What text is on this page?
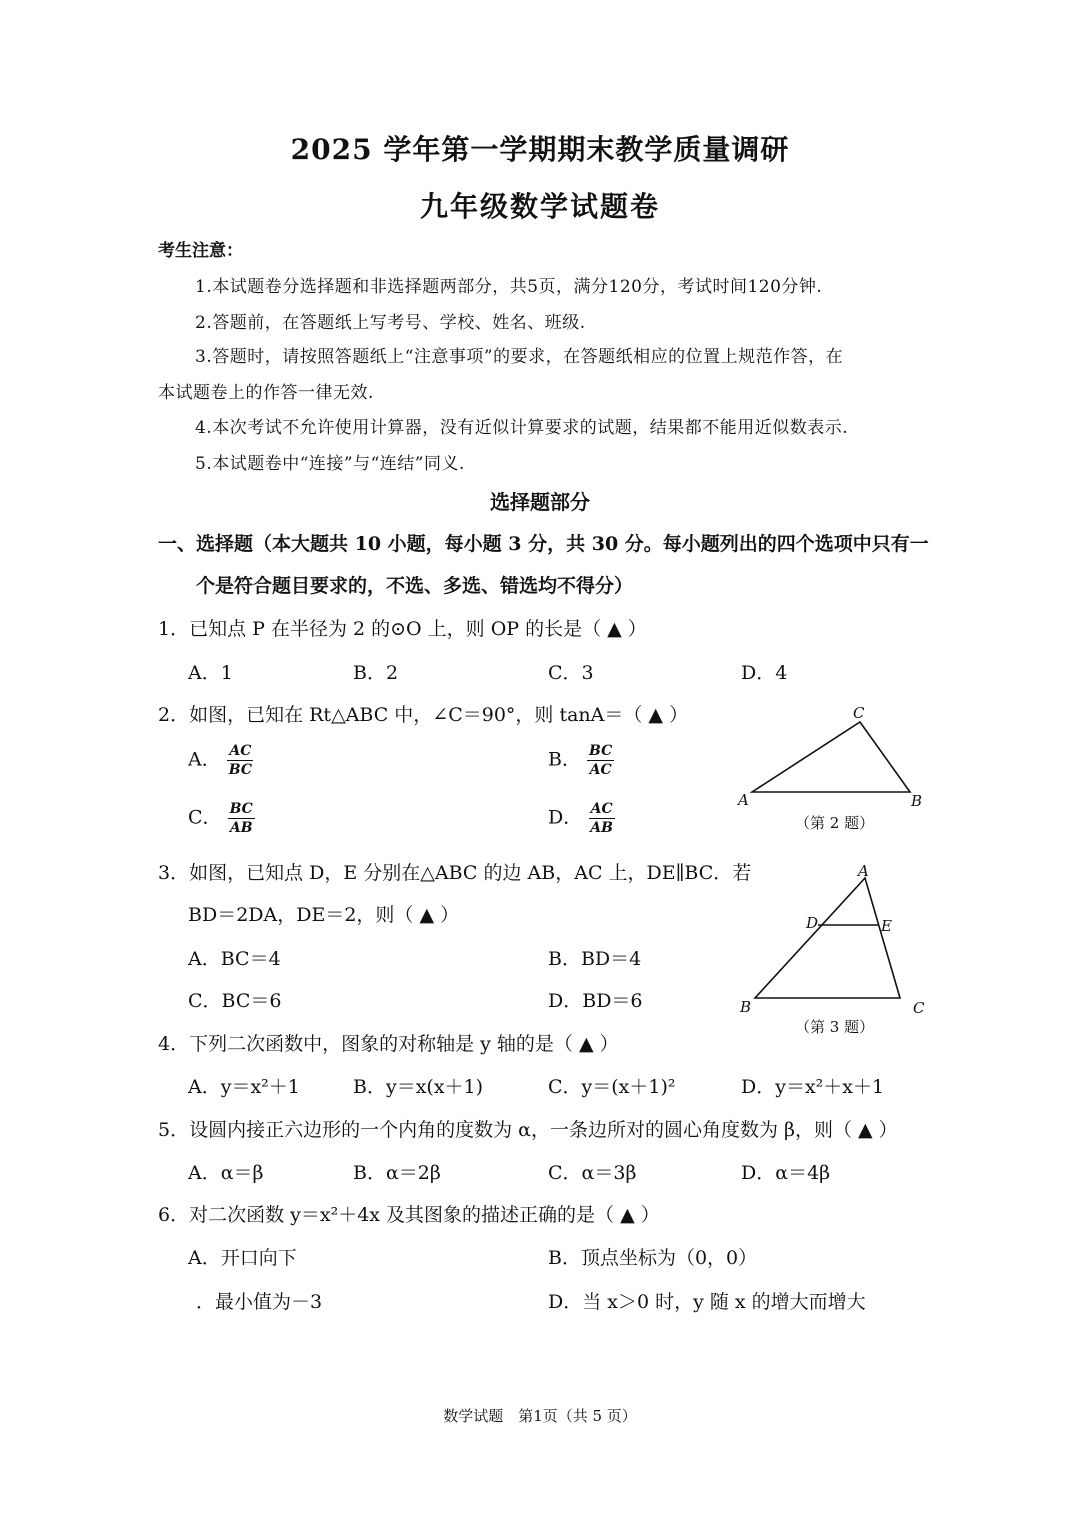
2025 学年第一学期期末教学质量调研
九年级数学试题卷
考生注意：
1.本试题卷分选择题和非选择题两部分，共5页，满分120分，考试时间120分钟.
2.答题前，在答题纸上写考号、学校、姓名、班级.
3.答题时，请按照答题纸上“注意事项”的要求，在答题纸相应的位置上规范作答，在
本试题卷上的作答一律无效.
4.本次考试不允许使用计算器，没有近似计算要求的试题，结果都不能用近似数表示.
5.本试题卷中“连接”与“连结”同义.
选择题部分
一、选择题（本大题共 10 小题，每小题 3 分，共 30 分。每小题列出的四个选项中只有一
个是符合题目要求的，不选、多选、错选均不得分）
1．已知点 P 在半径为 2 的⊙O 上，则 OP 的长是（ ▲ ）
A．1	B．2	C．3	D．4
2．如图，已知在 Rt△ABC 中，∠C＝90°，则 tanA＝（ ▲ ）
A． $\frac{AC}{BC}$	B． $\frac{BC}{AC}$
C． $\frac{BC}{AB}$	D． $\frac{AC}{AB}$	A	B
C
（第 2 题）
3．如图，已知点 D，E 分别在△ABC 的边 AB，AC 上，DE∥BC．若
BD＝2DA，DE＝2，则（ ▲ ）
A．BC＝4	B．BD＝4
C．BC＝6	D．BD＝6
A
B	C
D	E
（第 3 题）
4．下列二次函数中，图象的对称轴是 y 轴的是（ ▲ ）
A．y＝x²＋1	B．y＝x(x＋1)	C．y＝(x＋1)²	D．y＝x²＋x＋1
5．设圆内接正六边形的一个内角的度数为 α，一条边所对的圆心角度数为 β，则（ ▲ ）
A．α＝β	B．α＝2β	C．α＝3β	D．α＝4β
6．对二次函数 y＝x²＋4x 及其图象的描述正确的是（ ▲ ）
A．开口向下	B．顶点坐标为（0，0）
．最小值为－3	D．当 x＞0 时，y 随 x 的增大而增大
数学试题　第1页（共 5 页）
